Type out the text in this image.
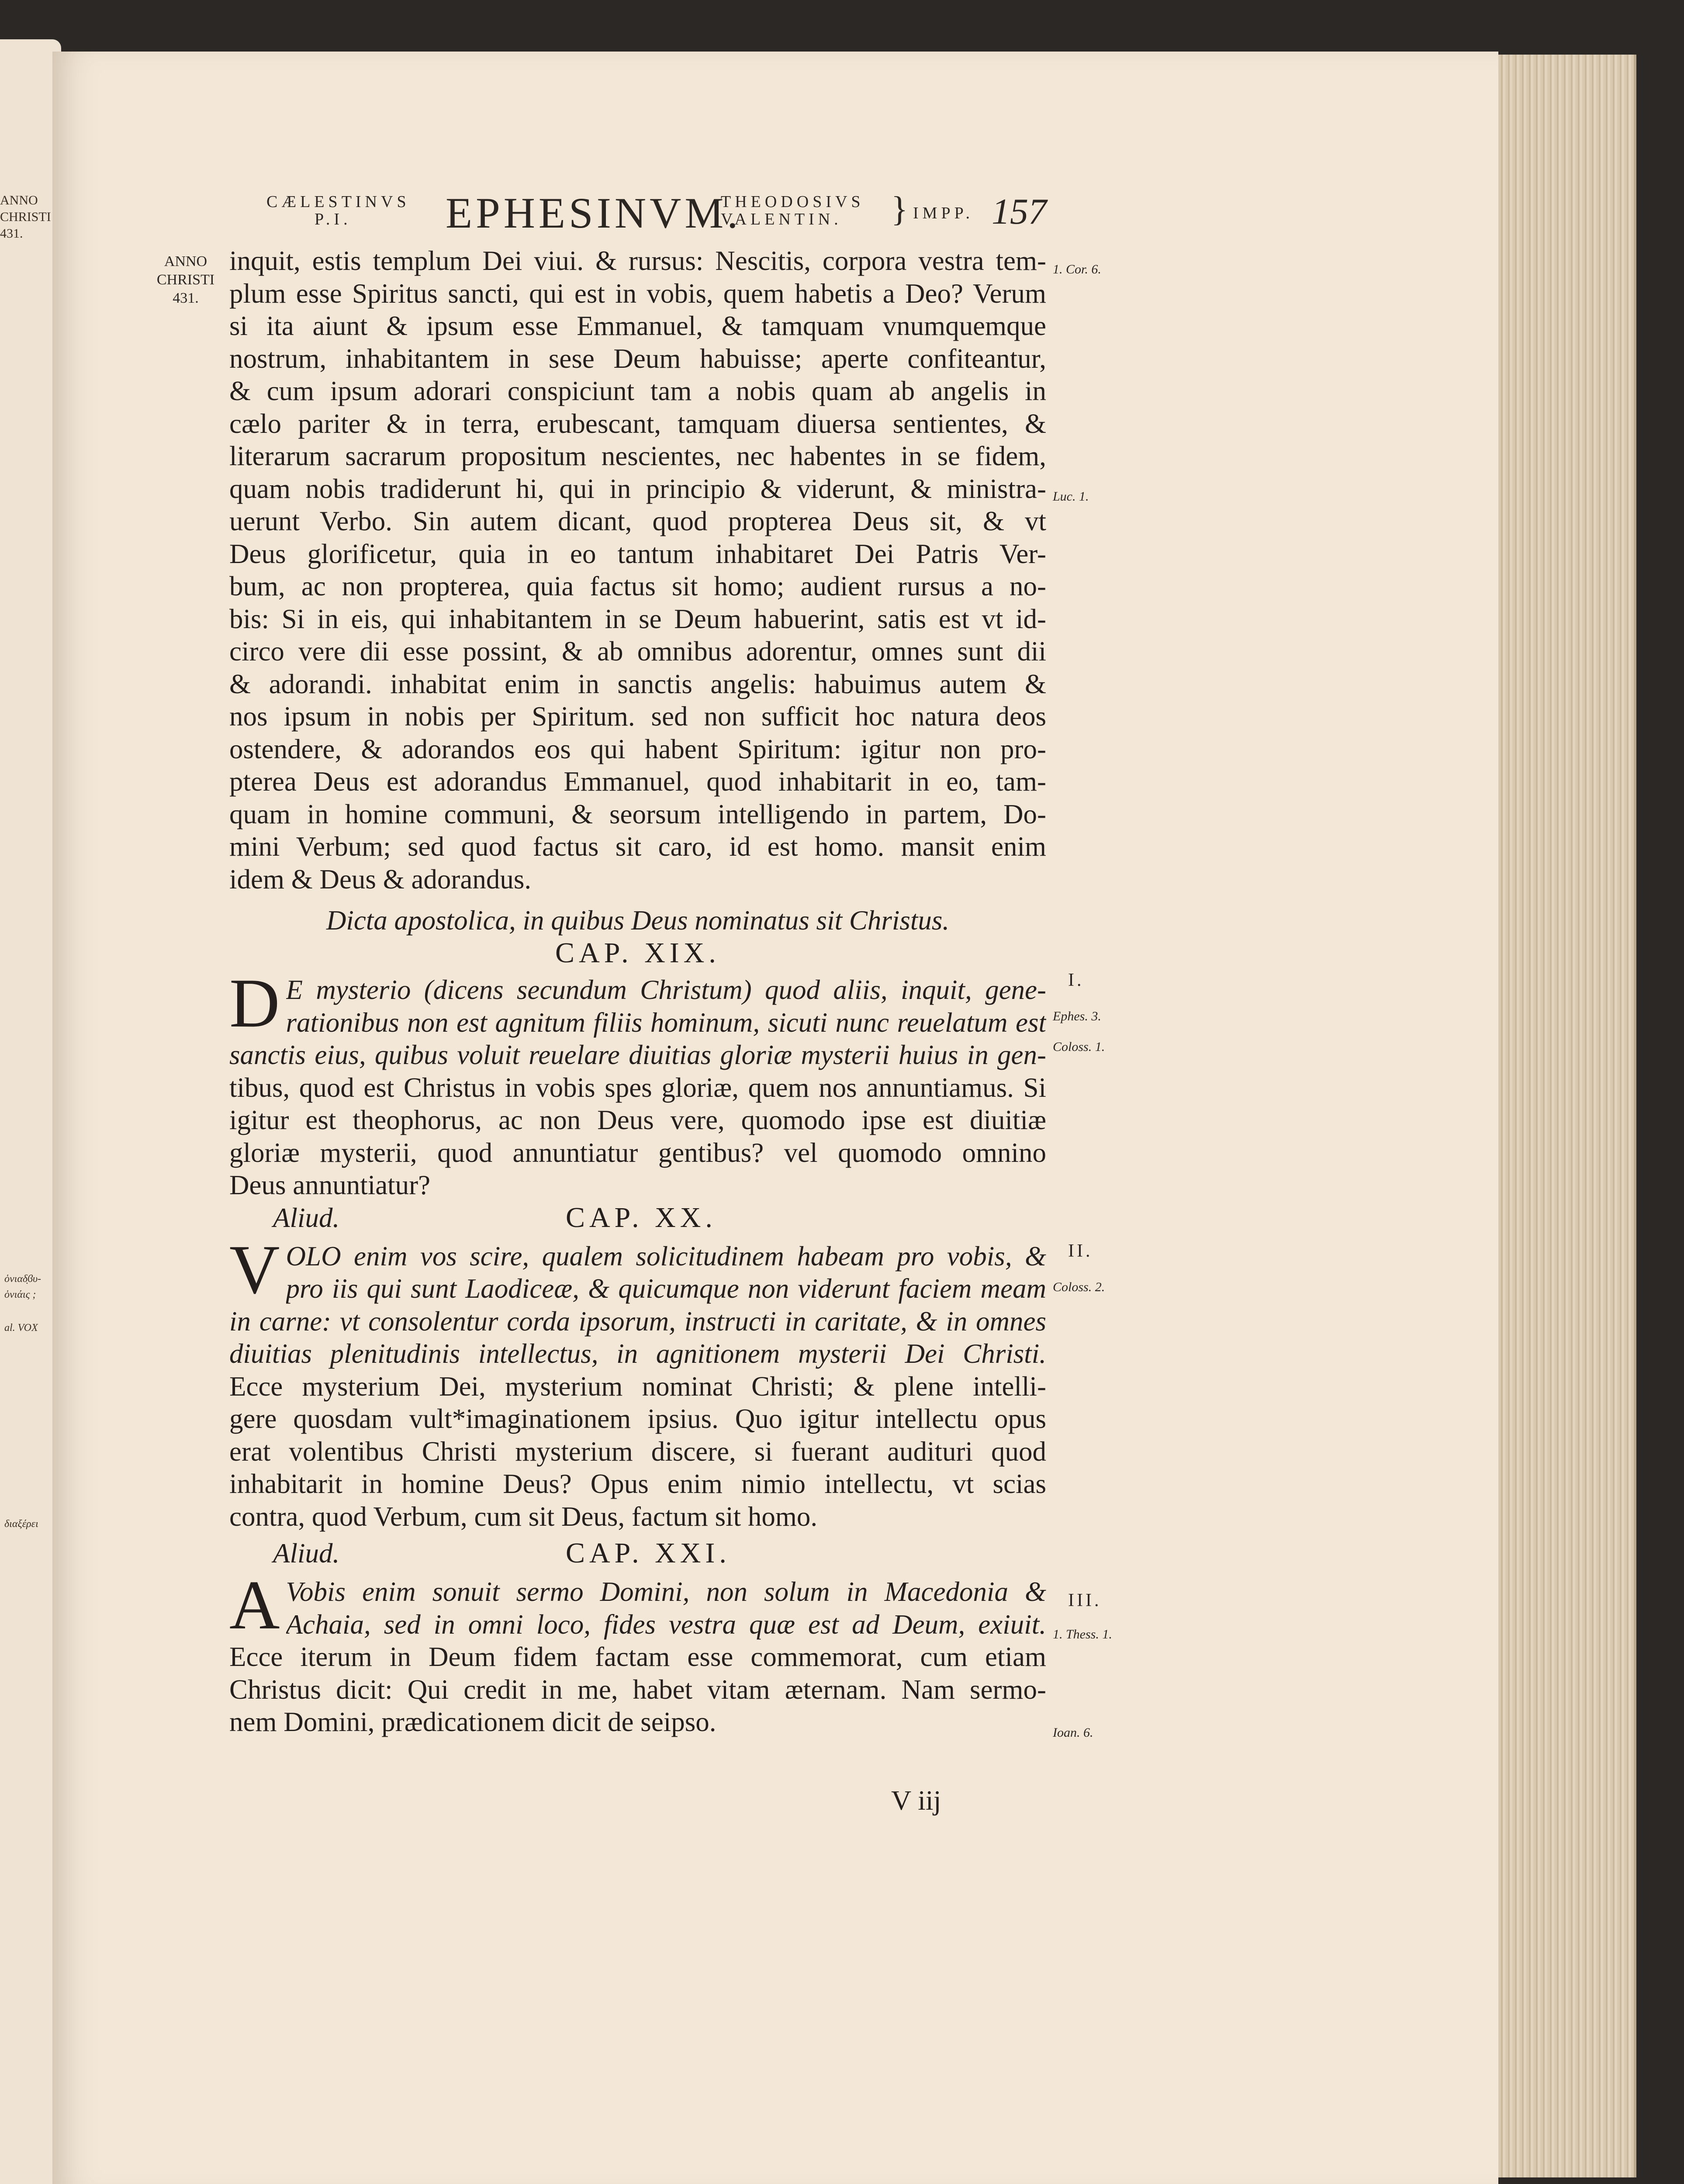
ANNO
CHRISTI
431.
ὁνιαδ̣ϐυ-
ὁνιάις ;
al. VOX
διαξέρει
CÆLESTINVS
P.I. EPHESINVM.
THEODOSIVS
VALENTIN. } IMPP. 157
ANNO
CHRISTI
431.
1. Cor. 6.
Luc. 1.
I.
Ephes. 3.
Coloss. 1.
II.
Coloss. 2.
III.
1. Thess. 1.
Ioan. 6.

inquit, estis templum Dei viui. & rursus: Nescitis, corpora vestra tem-
plum esse Spiritus sancti, qui est in vobis, quem habetis a Deo? Verum
si ita aiunt & ipsum esse Emmanuel, & tamquam vnumquemque
nostrum, inhabitantem in sese Deum habuisse; aperte confiteantur,
& cum ipsum adorari conspiciunt tam a nobis quam ab angelis in
cælo pariter & in terra, erubescant, tamquam diuersa sentientes, &
literarum sacrarum propositum nescientes, nec habentes in se fidem,
quam nobis tradiderunt hi, qui in principio & viderunt, & ministra-
uerunt Verbo. Sin autem dicant, quod propterea Deus sit, & vt
Deus glorificetur, quia in eo tantum inhabitaret Dei Patris Ver-
bum, ac non propterea, quia factus sit homo; audient rursus a no-
bis: Si in eis, qui inhabitantem in se Deum habuerint, satis est vt id-
circo vere dii esse possint, & ab omnibus adorentur, omnes sunt dii
& adorandi. inhabitat enim in sanctis angelis: habuimus autem &
nos ipsum in nobis per Spiritum. sed non sufficit hoc natura deos
ostendere, & adorandos eos qui habent Spiritum: igitur non pro-
pterea Deus est adorandus Emmanuel, quod inhabitarit in eo, tam-
quam in homine communi, & seorsum intelligendo in partem, Do-
mini Verbum; sed quod factus sit caro, id est homo. mansit enim
idem & Deus & adorandus.

Dicta apostolica, in quibus Deus nominatus sit Christus.
CAP. XIX.

D E mysterio (dicens secundum Christum) quod aliis, inquit, gene-
rationibus non est agnitum filiis hominum, sicuti nunc reuelatum est
sanctis eius, quibus voluit reuelare diuitias gloriæ mysterii huius in gen-
tibus, quod est Christus in vobis spes gloriæ, quem nos annuntiamus. Si
igitur est theophorus, ac non Deus vere, quomodo ipse est diuitiæ
gloriæ mysterii, quod annuntiatur gentibus? vel quomodo omnino
Deus annuntiatur?

Aliud.	CAP. XX.

V OLO enim vos scire, qualem solicitudinem habeam pro vobis, &
pro iis qui sunt Laodiceæ, & quicumque non viderunt faciem meam
in carne: vt consolentur corda ipsorum, instructi in caritate, & in omnes
diuitias plenitudinis intellectus, in agnitionem mysterii Dei Christi.
Ecce mysterium Dei, mysterium nominat Christi; & plene intelli-
gere quosdam vult*imaginationem ipsius. Quo igitur intellectu opus
erat volentibus Christi mysterium discere, si fuerant audituri quod
inhabitarit in homine Deus? Opus enim nimio intellectu, vt scias
contra, quod Verbum, cum sit Deus, factum sit homo.

Aliud.	CAP. XXI.

A Vobis enim sonuit sermo Domini, non solum in Macedonia &
Achaia, sed in omni loco, fides vestra quæ est ad Deum, exiuit.
Ecce iterum in Deum fidem factam esse commemorat, cum etiam
Christus dicit: Qui credit in me, habet vitam æternam. Nam sermo-
nem Domini, prædicationem dicit de seipso.

V iij
